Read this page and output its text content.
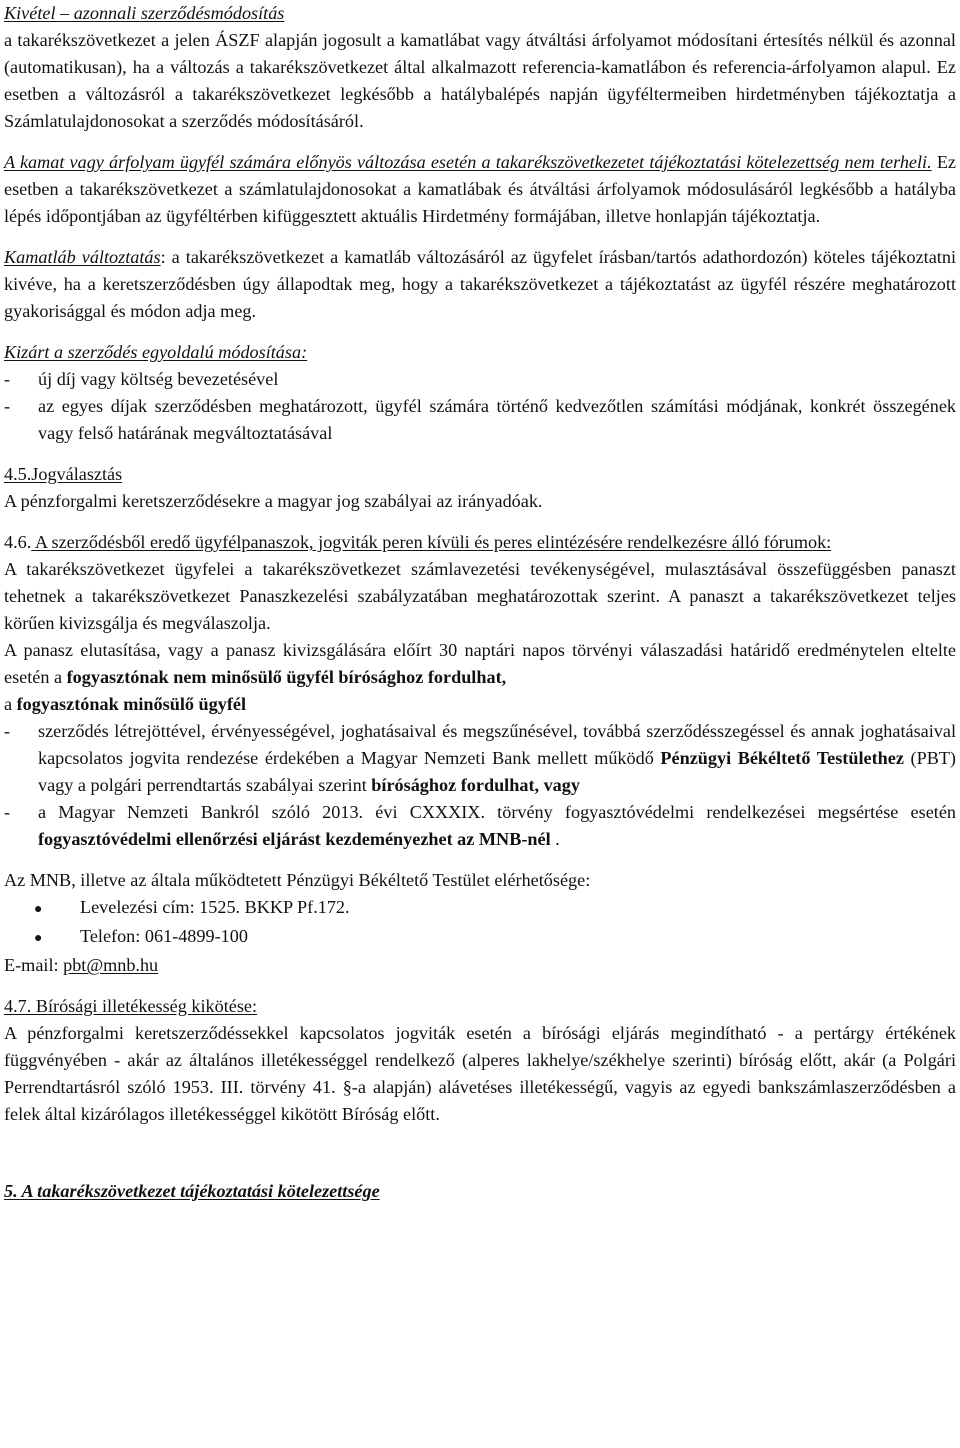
Kivétel – azonnali szerződésmódosítás

a takarékszövetkezet a jelen ÁSZF alapján jogosult a kamatlábat vagy átváltási árfolyamot módosítani értesítés nélkül és azonnal (automatikusan), ha a változás a takarékszövetkezet által alkalmazott referencia-kamatlábon és referencia-árfolyamon alapul. Ez esetben a változásról a takarékszövetkezet legkésőbb a hatálybalépés napján ügyféltermeiben hirdetményben tájékoztatja a Számlatulajdonosokat a szerződés módosításáról.

A kamat vagy árfolyam ügyfél számára előnyös változása esetén a takarékszövetkezetet tájékoztatási kötelezettség nem terheli. Ez esetben a takarékszövetkezet a számlatulajdonosokat a kamatlábak és átváltási árfolyamok módosulásáról legkésőbb a hatályba lépés időpontjában az ügyféltérben kifüggesztett aktuális Hirdetmény formájában, illetve honlapján tájékoztatja.

Kamatláb változtatás: a takarékszövetkezet a kamatláb változásáról az ügyfelet írásban/tartós adathordozón) köteles tájékoztatni kivéve, ha a keretszerződésben úgy állapodtak meg, hogy a takarékszövetkezet a tájékoztatást az ügyfél részére meghatározott gyakorisággal és módon adja meg.

Kizárt a szerződés egyoldalú módosítása:

-	új díj vagy költség bevezetésével
-	az egyes díjak szerződésben meghatározott, ügyfél számára történő kedvezőtlen számítási módjának, konkrét összegének vagy felső határának megváltoztatásával

4.5.Jogválasztás

A pénzforgalmi keretszerződésekre a magyar jog szabályai az irányadóak.

4.6. A szerződésből eredő ügyfélpanaszok, jogviták peren kívüli és peres elintézésére rendelkezésre álló fórumok:

A takarékszövetkezet ügyfelei a takarékszövetkezet számlavezetési tevékenységével, mulasztásával összefüggésben panaszt tehetnek a takarékszövetkezet Panaszkezelési szabályzatában meghatározottak szerint. A panaszt a takarékszövetkezet teljes körűen kivizsgálja és megválaszolja.

A panasz elutasítása, vagy a panasz kivizsgálására előírt 30 naptári napos törvényi válaszadási határidő eredménytelen eltelte esetén a fogyasztónak nem minősülő ügyfél bírósághoz fordulhat,

a fogyasztónak minősülő ügyfél

-	szerződés létrejöttével, érvényességével, joghatásaival és megszűnésével, továbbá szerződésszegéssel és annak joghatásaival kapcsolatos jogvita rendezése érdekében a Magyar Nemzeti Bank mellett működő Pénzügyi Békéltető Testülethez (PBT) vagy a polgári perrendtartás szabályai szerint bírósághoz fordulhat, vagy
-	a Magyar Nemzeti Bankról szóló 2013. évi CXXXIX. törvény fogyasztóvédelmi rendelkezései megsértése esetén fogyasztóvédelmi ellenőrzési eljárást kezdeményezhet az MNB-nél .

Az MNB, illetve az általa működtetett Pénzügyi Békéltető Testület elérhetősége:

●	Levelezési cím: 1525. BKKP Pf.172.
●	Telefon: 061-4899-100

E-mail: pbt@mnb.hu

4.7. Bírósági illetékesség kikötése:

A pénzforgalmi keretszerződéssekkel kapcsolatos jogviták esetén a bírósági eljárás megindítható - a pertárgy értékének függvényében - akár az általános illetékességgel rendelkező (alperes lakhelye/székhelye szerinti) bíróság előtt, akár (a Polgári Perrendtartásról szóló 1953. III. törvény 41. §-a alapján) alávetéses illetékességű, vagyis az egyedi bankszámlaszerződésben a felek által kizárólagos illetékességgel kikötött Bíróság előtt.

5. A takarékszövetkezet tájékoztatási kötelezettsége
